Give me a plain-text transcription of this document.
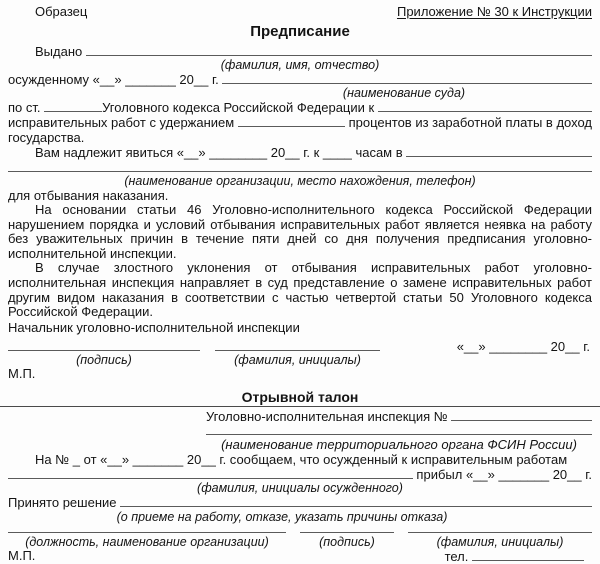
Образец	Приложение № 30 к Инструкции
Предписание
Выдано
(фамилия, имя, отчество)
осужденному «__» _______ 20__ г.
(наименование суда)
по ст.	Уголовного кодекса Российской Федерации к
исправительных работ с удержанием	процентов из заработной платы в доход
государства.
Вам надлежит явиться «__» ________ 20__ г. к ____ часам в
(наименование организации, место нахождения, телефон)
для отбывания наказания.
На основании статьи 46 Уголовно-исполнительного кодекса Российской Федерации нарушением порядка и условий отбывания исправительных работ является неявка на работу без уважительных причин в течение пяти дней со дня получения предписания уголовно-исполнительной инспекции.
В случае злостного уклонения от отбывания исправительных работ уголовно-исполнительная инспекция направляет в суд представление о замене исправительных работ другим видом наказания в соответствии с частью четвертой статьи 50 Уголовного кодекса Российской Федерации.
Начальник уголовно-исполнительной инспекции
«__» ________ 20__ г.
(подпись)	(фамилия, инициалы)
М.П.
Отрывной талон
Уголовно-исполнительная инспекция №
(наименование территориального органа ФСИН России)
На № _ от «__» _______ 20__ г. сообщаем, что осужденный к исправительным работам
прибыл «__» _______ 20__ г.
(фамилия, инициалы осужденного)
Принято решение
(о приеме на работу, отказе, указать причины отказа)
(должность, наименование организации)	(подпись)	(фамилия, инициалы)
М.П.	тел.
